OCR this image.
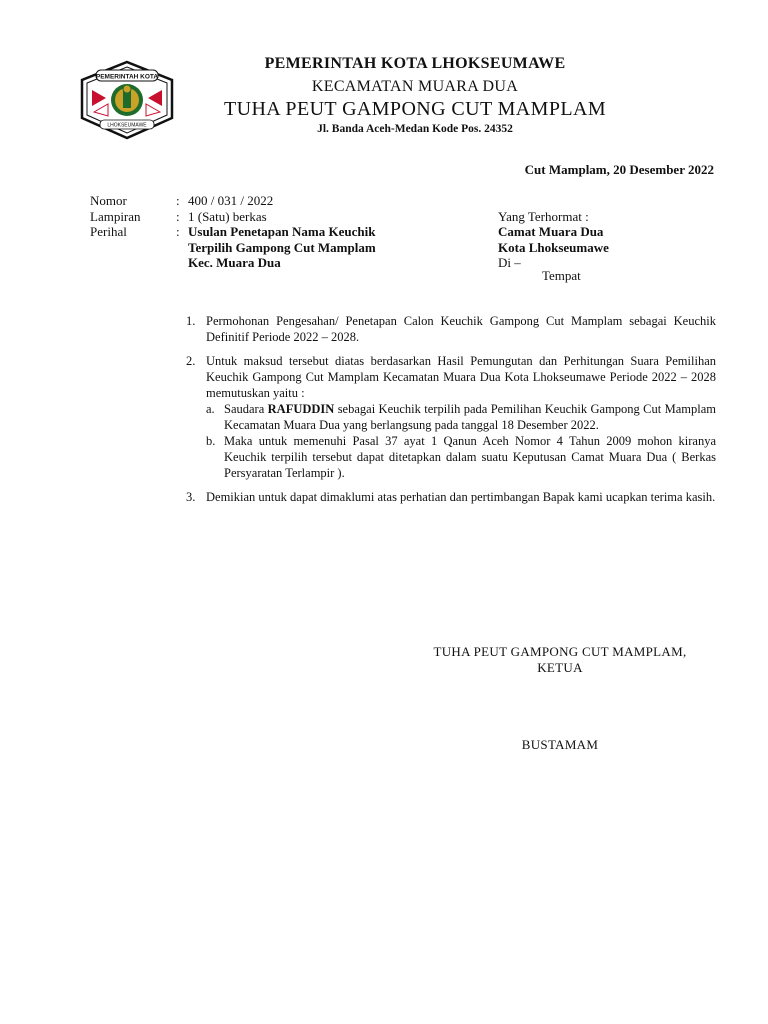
PEMERINTAH KOTA
LHOKSEUMAWE
PEMERINTAH KOTA LHOKSEUMAWE
KECAMATAN MUARA DUA
TUHA PEUT GAMPONG CUT MAMPLAM
Jl. Banda Aceh-Medan Kode Pos. 24352
Cut Mamplam, 20 Desember 2022
Nomor	: 400 / 031 / 2022
Lampiran	: 1 (Satu) berkas
Perihal	: Usulan Penetapan Nama Keuchik
Terpilih Gampong Cut Mamplam
Kec. Muara Dua
Yang Terhormat :
Camat Muara Dua
Kota Lhokseumawe
Di –
Tempat
1. Permohonan Pengesahan/ Penetapan Calon Keuchik Gampong Cut Mamplam sebagai Keuchik Definitif Periode 2022 – 2028.
2. Untuk maksud tersebut diatas berdasarkan Hasil Pemungutan dan Perhitungan Suara Pemilihan Keuchik Gampong Cut Mamplam Kecamatan Muara Dua Kota Lhokseumawe Periode 2022 – 2028 memutuskan yaitu :
a. Saudara RAFUDDIN sebagai Keuchik terpilih pada Pemilihan Keuchik Gampong Cut Mamplam Kecamatan Muara Dua yang berlangsung pada tanggal 18 Desember 2022.
b. Maka untuk memenuhi Pasal 37 ayat 1 Qanun Aceh Nomor 4 Tahun 2009 mohon kiranya Keuchik terpilih tersebut dapat ditetapkan dalam suatu Keputusan Camat Muara Dua ( Berkas Persyaratan Terlampir ).
3. Demikian untuk dapat dimaklumi atas perhatian dan pertimbangan Bapak kami ucapkan terima kasih.
TUHA PEUT GAMPONG CUT MAMPLAM,
KETUA
BUSTAMAM
